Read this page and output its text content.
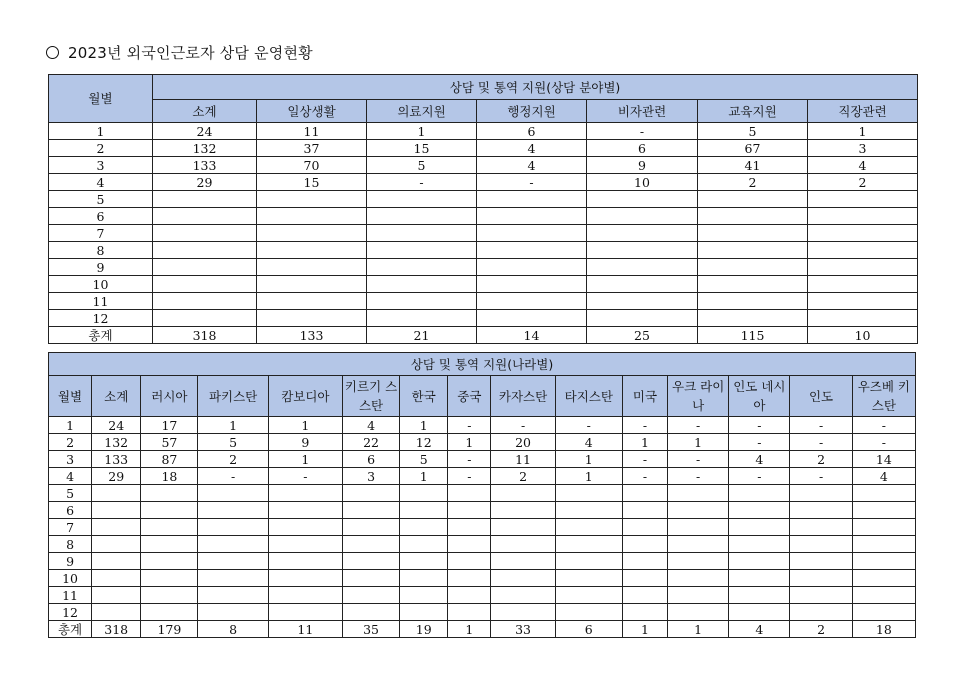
2023년 외국인근로자 상담 운영현황
월별	상담 및 통역 지원(상담 분야별)						
	소계	일상생활	의료지원	행정지원	비자관련	교육지원	직장관련
1	24	11	1	6	-	5	1
2	132	37	15	4	6	67	3
3	133	70	5	4	9	41	4
4	29	15	-	-	10	2	2
5							
6							
7							
8							
9							
10							
11							
12							
총계	318	133	21	14	25	115	10
상담 및 통역 지원(나라별)														
월별	소계	러시아	파키스탄	캄보디아	키르기 스스탄	한국	중국	카자스탄	타지스탄	미국	우크 라이나	인도 네시아	인도	우즈베 키스탄
1	24	17	1	1	4	1	-	-	-	-	-	-	-	-
2	132	57	5	9	22	12	1	20	4	1	1	-	-	-
3	133	87	2	1	6	5	-	11	1	-	-	4	2	14
4	29	18	-	-	3	1	-	2	1	-	-	-	-	4
5														
6														
7														
8														
9														
10														
11														
12														
총계	318	179	8	11	35	19	1	33	6	1	1	4	2	18
